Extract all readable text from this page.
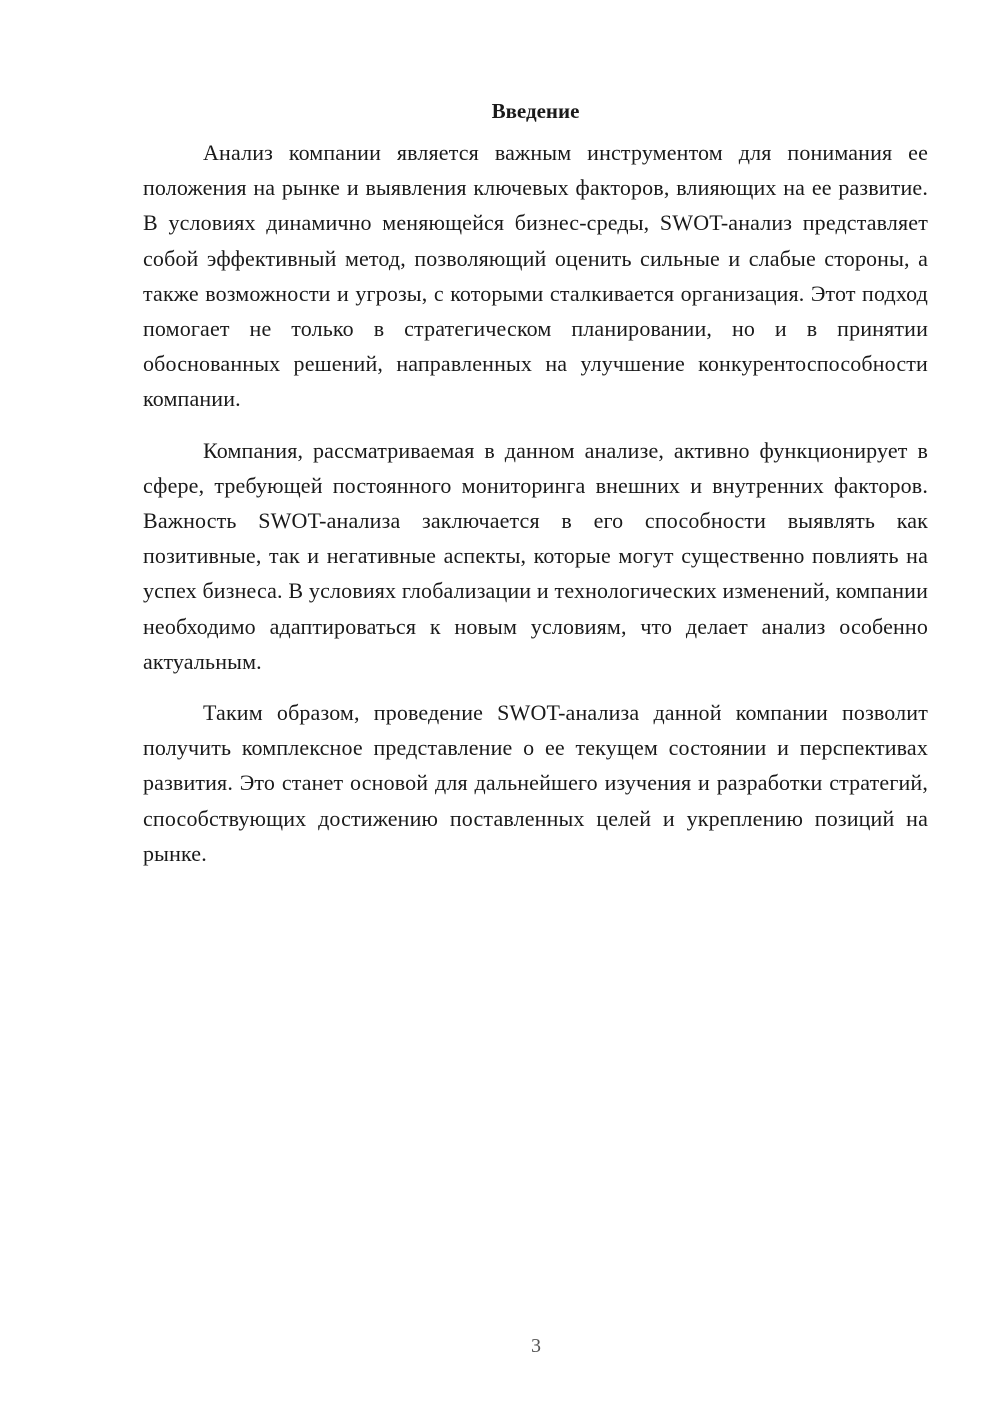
Введение

Анализ компании является важным инструментом для понимания ее положения на рынке и выявления ключевых факторов, влияющих на ее развитие. В условиях динамично меняющейся бизнес-среды, SWOT-анализ представляет собой эффективный метод, позволяющий оценить сильные и слабые стороны, а также возможности и угрозы, с которыми сталкивается организация. Этот подход помогает не только в стратегическом планировании, но и в принятии обоснованных решений, направленных на улучшение конкурентоспособности компании.

Компания, рассматриваемая в данном анализе, активно функционирует в сфере, требующей постоянного мониторинга внешних и внутренних факторов. Важность SWOT-анализа заключается в его способности выявлять как позитивные, так и негативные аспекты, которые могут существенно повлиять на успех бизнеса. В условиях глобализации и технологических изменений, компании необходимо адаптироваться к новым условиям, что делает анализ особенно актуальным.

Таким образом, проведение SWOT-анализа данной компании позволит получить комплексное представление о ее текущем состоянии и перспективах развития. Это станет основой для дальнейшего изучения и разработки стратегий, способствующих достижению поставленных целей и укреплению позиций на рынке.

3
